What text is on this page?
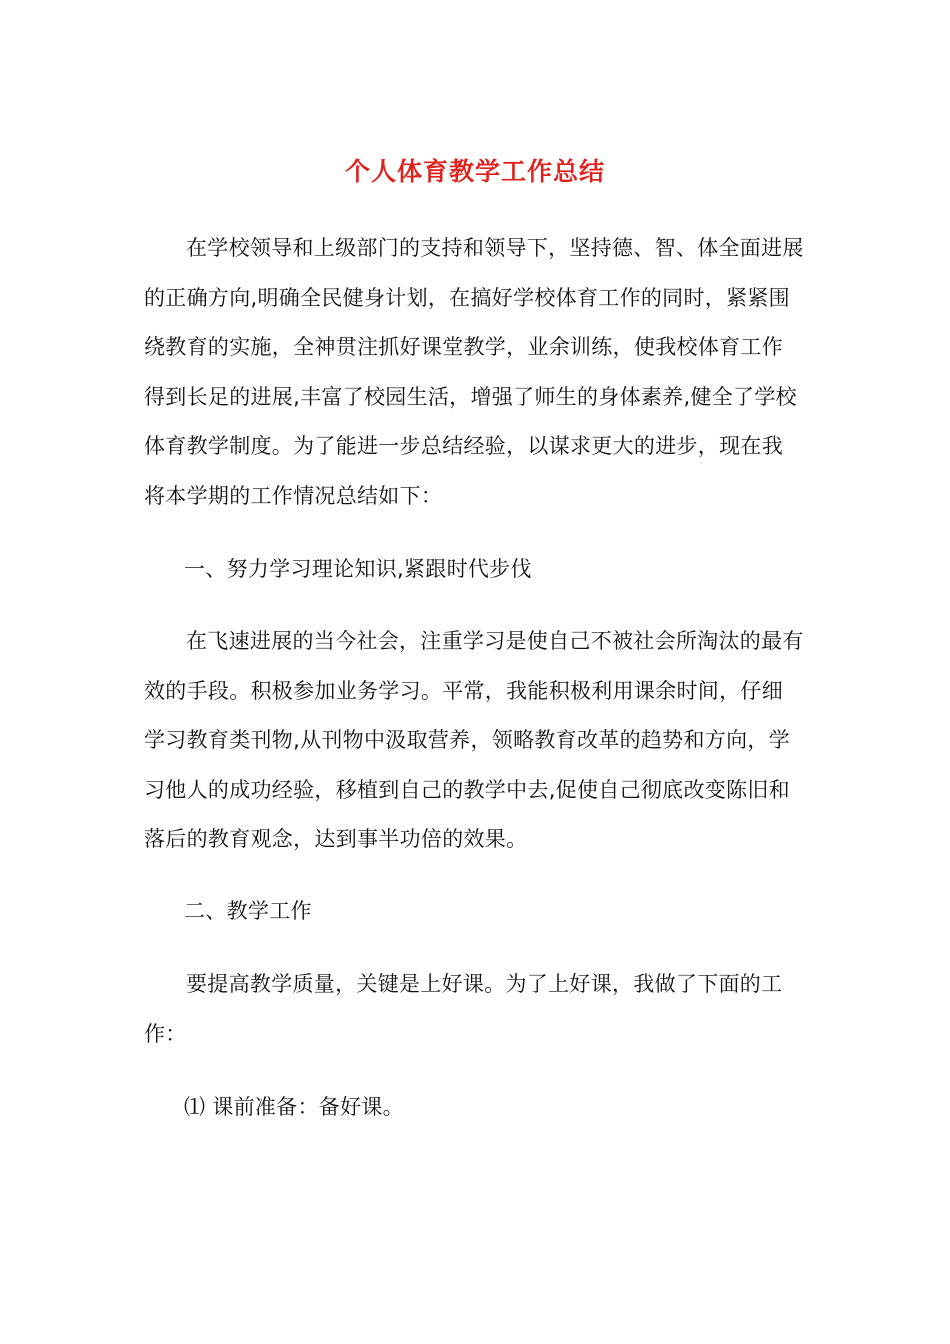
个人体育教学工作总结
在学校领导和上级部门的支持和领导下，坚持德、智、体全面进展的正确方向,明确全民健身计划，在搞好学校体育工作的同时，紧紧围绕教育的实施，全神贯注抓好课堂教学，业余训练，使我校体育工作得到长足的进展,丰富了校园生活，增强了师生的身体素养,健全了学校体育教学制度。为了能进一步总结经验，以谋求更大的进步，现在我将本学期的工作情况总结如下：
一、努力学习理论知识,紧跟时代步伐
在飞速进展的当今社会，注重学习是使自己不被社会所淘汰的最有效的手段。积极参加业务学习。平常，我能积极利用课余时间，仔细学习教育类刊物,从刊物中汲取营养，领略教育改革的趋势和方向，学习他人的成功经验，移植到自己的教学中去,促使自己彻底改变陈旧和落后的教育观念，达到事半功倍的效果。
二、教学工作
要提高教学质量，关键是上好课。为了上好课，我做了下面的工作：
⑴ 课前准备：备好课。
